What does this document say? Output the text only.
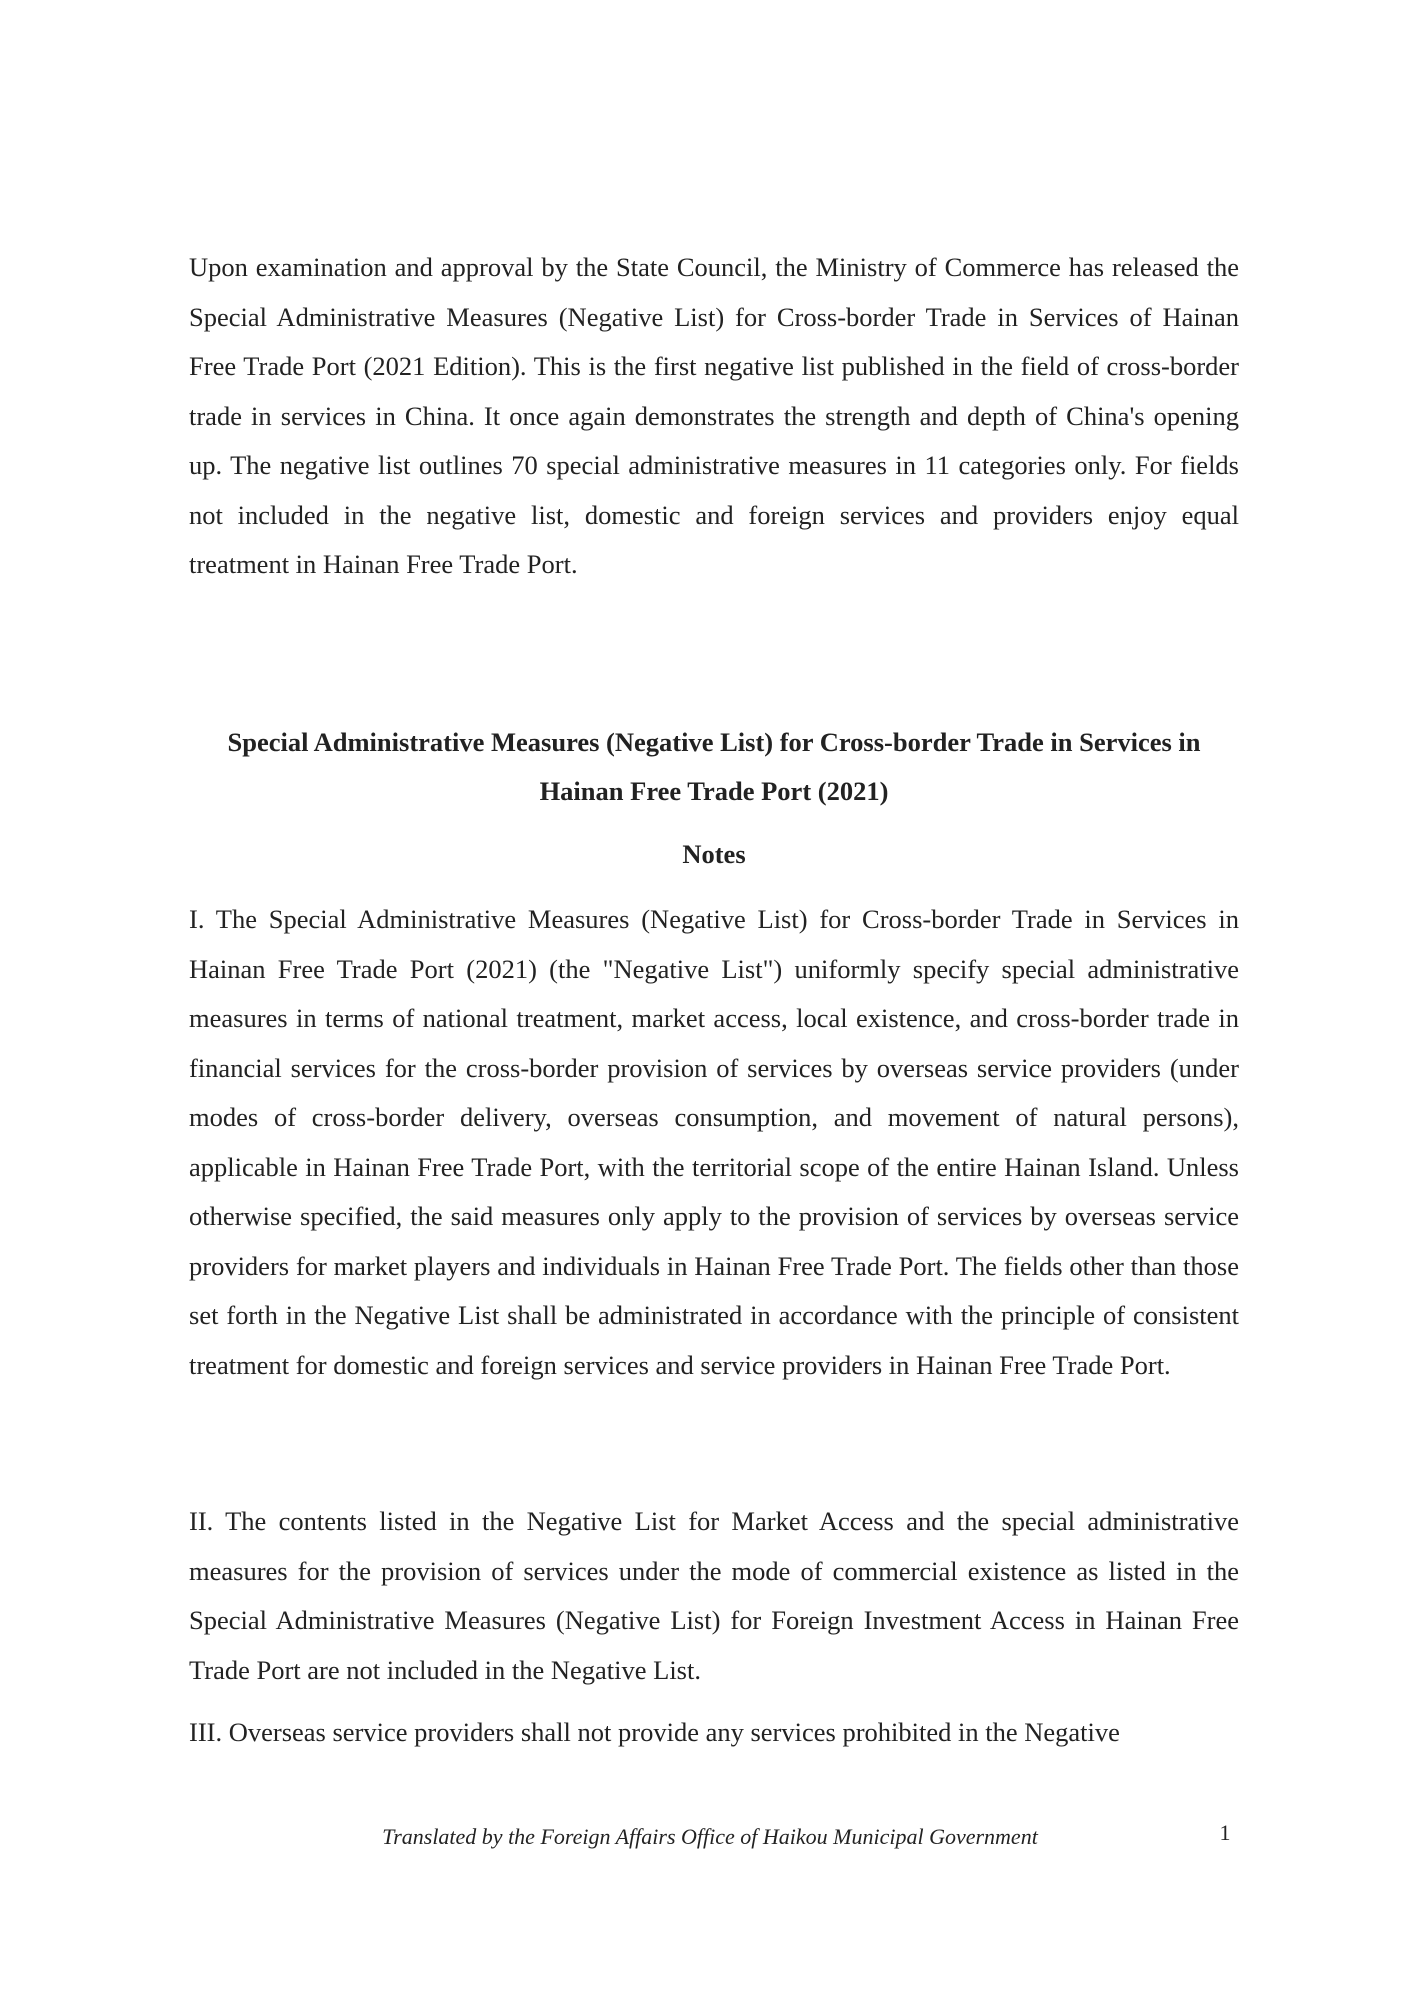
Upon examination and approval by the State Council, the Ministry of Commerce has released the Special Administrative Measures (Negative List) for Cross-border Trade in Services of Hainan Free Trade Port (2021 Edition). This is the first negative list published in the field of cross-border trade in services in China. It once again demonstrates the strength and depth of China's opening up. The negative list outlines 70 special administrative measures in 11 categories only. For fields not included in the negative list, domestic and foreign services and providers enjoy equal treatment in Hainan Free Trade Port.

Special Administrative Measures (Negative List) for Cross-border Trade in Services in
Hainan Free Trade Port (2021)
Notes

I. The Special Administrative Measures (Negative List) for Cross-border Trade in Services in Hainan Free Trade Port (2021) (the "Negative List") uniformly specify special administrative measures in terms of national treatment, market access, local existence, and cross-border trade in financial services for the cross-border provision of services by overseas service providers (under modes of cross-border delivery, overseas consumption, and movement of natural persons), applicable in Hainan Free Trade Port, with the territorial scope of the entire Hainan Island. Unless otherwise specified, the said measures only apply to the provision of services by overseas service providers for market players and individuals in Hainan Free Trade Port. The fields other than those set forth in the Negative List shall be administrated in accordance with the principle of consistent treatment for domestic and foreign services and service providers in Hainan Free Trade Port.

II. The contents listed in the Negative List for Market Access and the special administrative measures for the provision of services under the mode of commercial existence as listed in the Special Administrative Measures (Negative List) for Foreign Investment Access in Hainan Free Trade Port are not included in the Negative List.

III. Overseas service providers shall not provide any services prohibited in the Negative

Translated by the Foreign Affairs Office of Haikou Municipal Government	1
